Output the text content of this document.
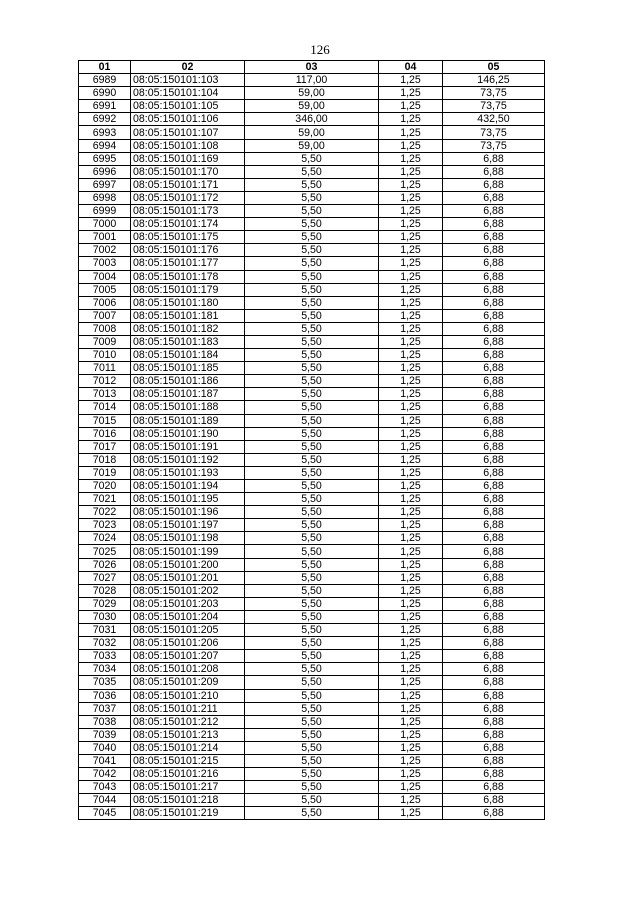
126
01	02	03	04	05
6989	08:05:150101:103	117,00	1,25	146,25
6990	08:05:150101:104	59,00	1,25	73,75
6991	08:05:150101:105	59,00	1,25	73,75
6992	08:05:150101:106	346,00	1,25	432,50
6993	08:05:150101:107	59,00	1,25	73,75
6994	08:05:150101:108	59,00	1,25	73,75
6995	08:05:150101:169	5,50	1,25	6,88
6996	08:05:150101:170	5,50	1,25	6,88
6997	08:05:150101:171	5,50	1,25	6,88
6998	08:05:150101:172	5,50	1,25	6,88
6999	08:05:150101:173	5,50	1,25	6,88
7000	08:05:150101:174	5,50	1,25	6,88
7001	08:05:150101:175	5,50	1,25	6,88
7002	08:05:150101:176	5,50	1,25	6,88
7003	08:05:150101:177	5,50	1,25	6,88
7004	08:05:150101:178	5,50	1,25	6,88
7005	08:05:150101:179	5,50	1,25	6,88
7006	08:05:150101:180	5,50	1,25	6,88
7007	08:05:150101:181	5,50	1,25	6,88
7008	08:05:150101:182	5,50	1,25	6,88
7009	08:05:150101:183	5,50	1,25	6,88
7010	08:05:150101:184	5,50	1,25	6,88
7011	08:05:150101:185	5,50	1,25	6,88
7012	08:05:150101:186	5,50	1,25	6,88
7013	08:05:150101:187	5,50	1,25	6,88
7014	08:05:150101:188	5,50	1,25	6,88
7015	08:05:150101:189	5,50	1,25	6,88
7016	08:05:150101:190	5,50	1,25	6,88
7017	08:05:150101:191	5,50	1,25	6,88
7018	08:05:150101:192	5,50	1,25	6,88
7019	08:05:150101:193	5,50	1,25	6,88
7020	08:05:150101:194	5,50	1,25	6,88
7021	08:05:150101:195	5,50	1,25	6,88
7022	08:05:150101:196	5,50	1,25	6,88
7023	08:05:150101:197	5,50	1,25	6,88
7024	08:05:150101:198	5,50	1,25	6,88
7025	08:05:150101:199	5,50	1,25	6,88
7026	08:05:150101:200	5,50	1,25	6,88
7027	08:05:150101:201	5,50	1,25	6,88
7028	08:05:150101:202	5,50	1,25	6,88
7029	08:05:150101:203	5,50	1,25	6,88
7030	08:05:150101:204	5,50	1,25	6,88
7031	08:05:150101:205	5,50	1,25	6,88
7032	08:05:150101:206	5,50	1,25	6,88
7033	08:05:150101:207	5,50	1,25	6,88
7034	08:05:150101:208	5,50	1,25	6,88
7035	08:05:150101:209	5,50	1,25	6,88
7036	08:05:150101:210	5,50	1,25	6,88
7037	08:05:150101:211	5,50	1,25	6,88
7038	08:05:150101:212	5,50	1,25	6,88
7039	08:05:150101:213	5,50	1,25	6,88
7040	08:05:150101:214	5,50	1,25	6,88
7041	08:05:150101:215	5,50	1,25	6,88
7042	08:05:150101:216	5,50	1,25	6,88
7043	08:05:150101:217	5,50	1,25	6,88
7044	08:05:150101:218	5,50	1,25	6,88
7045	08:05:150101:219	5,50	1,25	6,88
